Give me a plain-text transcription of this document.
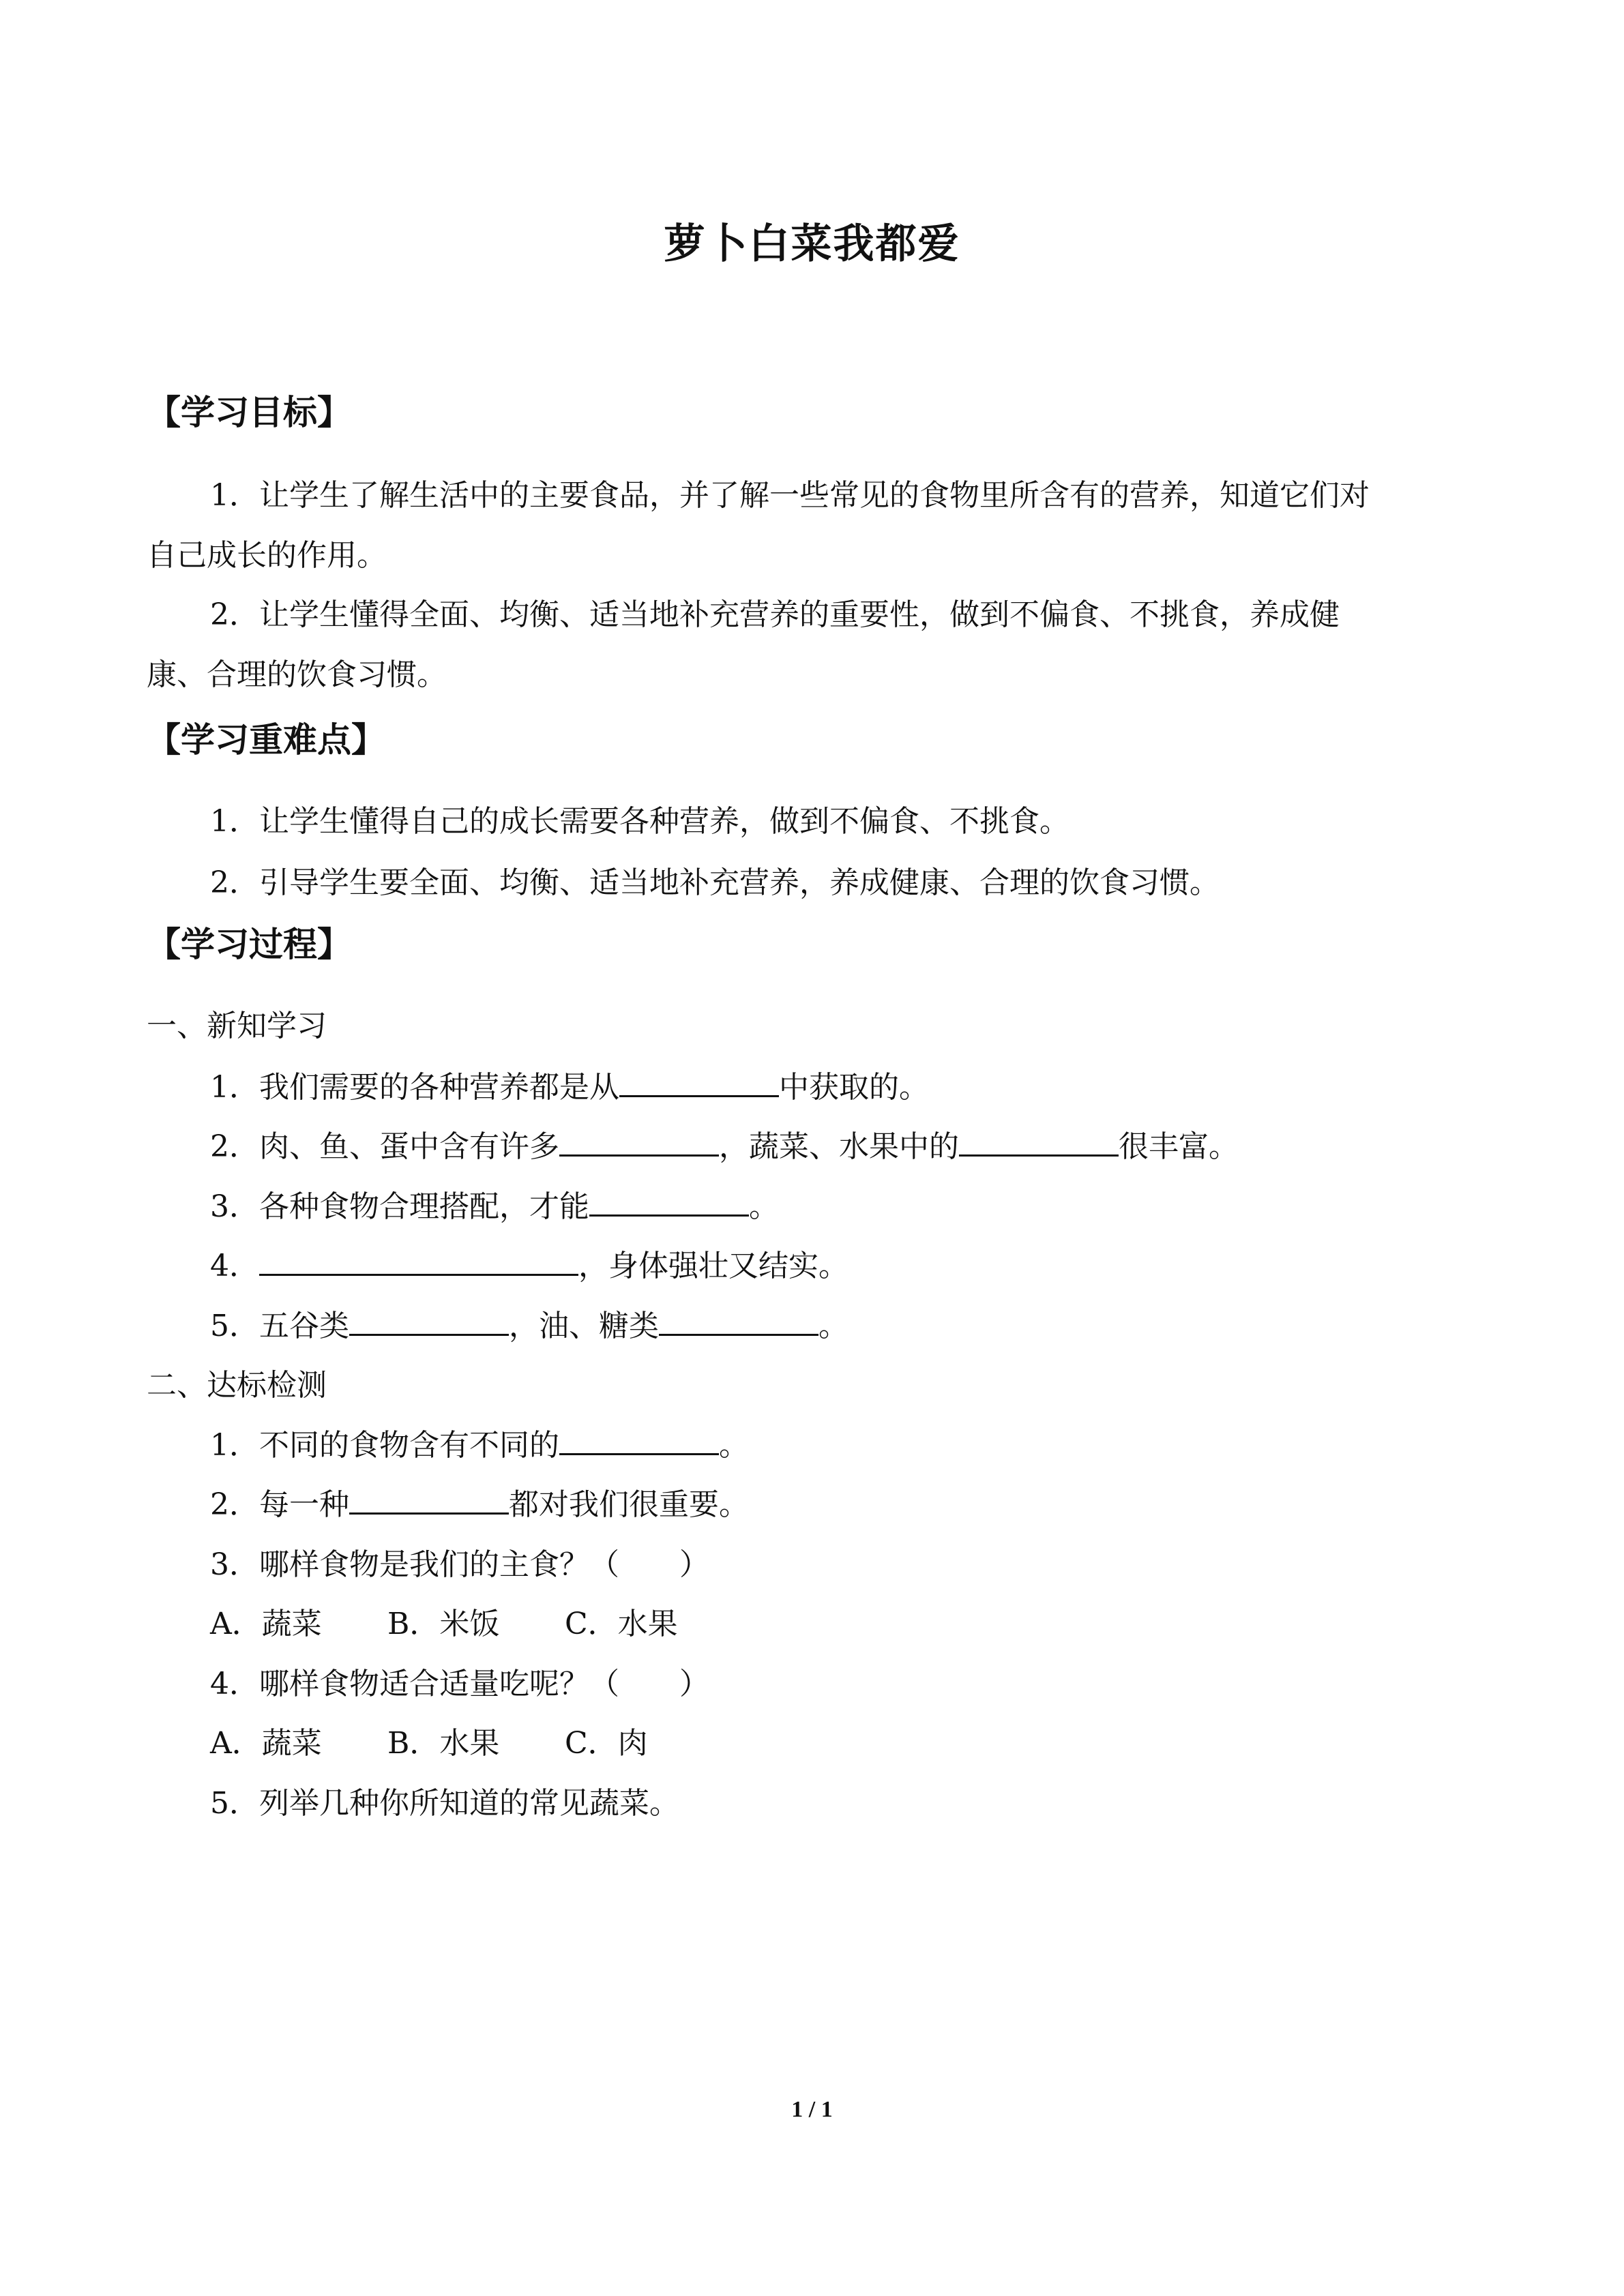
萝卜白菜我都爱
【学习目标】
1．让学生了解生活中的主要食品，并了解一些常见的食物里所含有的营养，知道它们对
自己成长的作用。
2．让学生懂得全面、均衡、适当地补充营养的重要性，做到不偏食、不挑食，养成健
康、合理的饮食习惯。
【学习重难点】
1．让学生懂得自己的成长需要各种营养，做到不偏食、不挑食。
2．引导学生要全面、均衡、适当地补充营养，养成健康、合理的饮食习惯。
【学习过程】
一、新知学习
1．我们需要的各种营养都是从	中获取的。
2．肉、鱼、蛋中含有许多	，蔬菜、水果中的	很丰富。
3．各种食物合理搭配，才能	。
4．	，身体强壮又结实。
5．五谷类	，油、糖类	。
二、达标检测
1．不同的食物含有不同的	。
2．每一种	都对我们很重要。
3．哪样食物是我们的主食？（　　）
A．蔬菜 B．米饭 C．水果
4．哪样食物适合适量吃呢？（　　）
A．蔬菜 B．水果 C．肉
5．列举几种你所知道的常见蔬菜。
1 / 1
